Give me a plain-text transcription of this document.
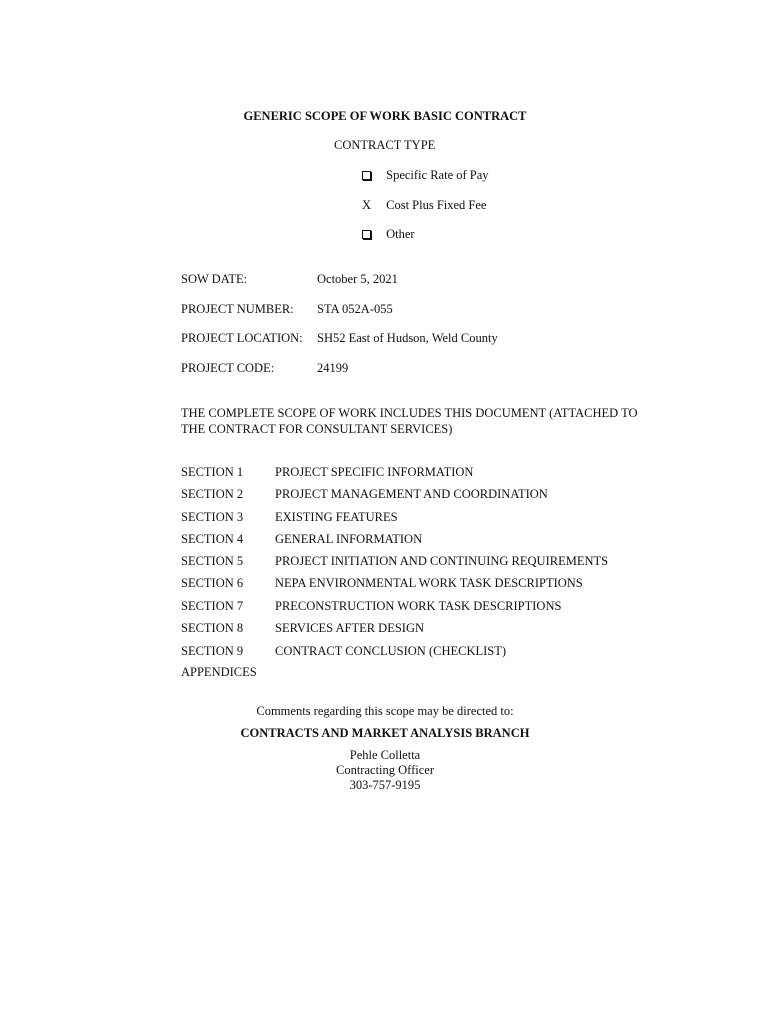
GENERIC SCOPE OF WORK BASIC CONTRACT
CONTRACT TYPE
Specific Rate of Pay
X Cost Plus Fixed Fee
Other
SOW DATE:	October 5, 2021
PROJECT NUMBER: STA 052A-055
PROJECT LOCATION: SH52 East of Hudson, Weld County
PROJECT CODE:	24199
THE COMPLETE SCOPE OF WORK INCLUDES THIS DOCUMENT (ATTACHED TO THE CONTRACT FOR CONSULTANT SERVICES)
SECTION 1	PROJECT SPECIFIC INFORMATION
SECTION 2	PROJECT MANAGEMENT AND COORDINATION
SECTION 3	EXISTING FEATURES
SECTION 4	GENERAL INFORMATION
SECTION 5	PROJECT INITIATION AND CONTINUING REQUIREMENTS
SECTION 6	NEPA ENVIRONMENTAL WORK TASK DESCRIPTIONS
SECTION 7	PRECONSTRUCTION WORK TASK DESCRIPTIONS
SECTION 8	SERVICES AFTER DESIGN
SECTION 9	CONTRACT CONCLUSION (CHECKLIST)
APPENDICES
Comments regarding this scope may be directed to:
CONTRACTS AND MARKET ANALYSIS BRANCH
Pehle Colletta
Contracting Officer
303-757-9195
